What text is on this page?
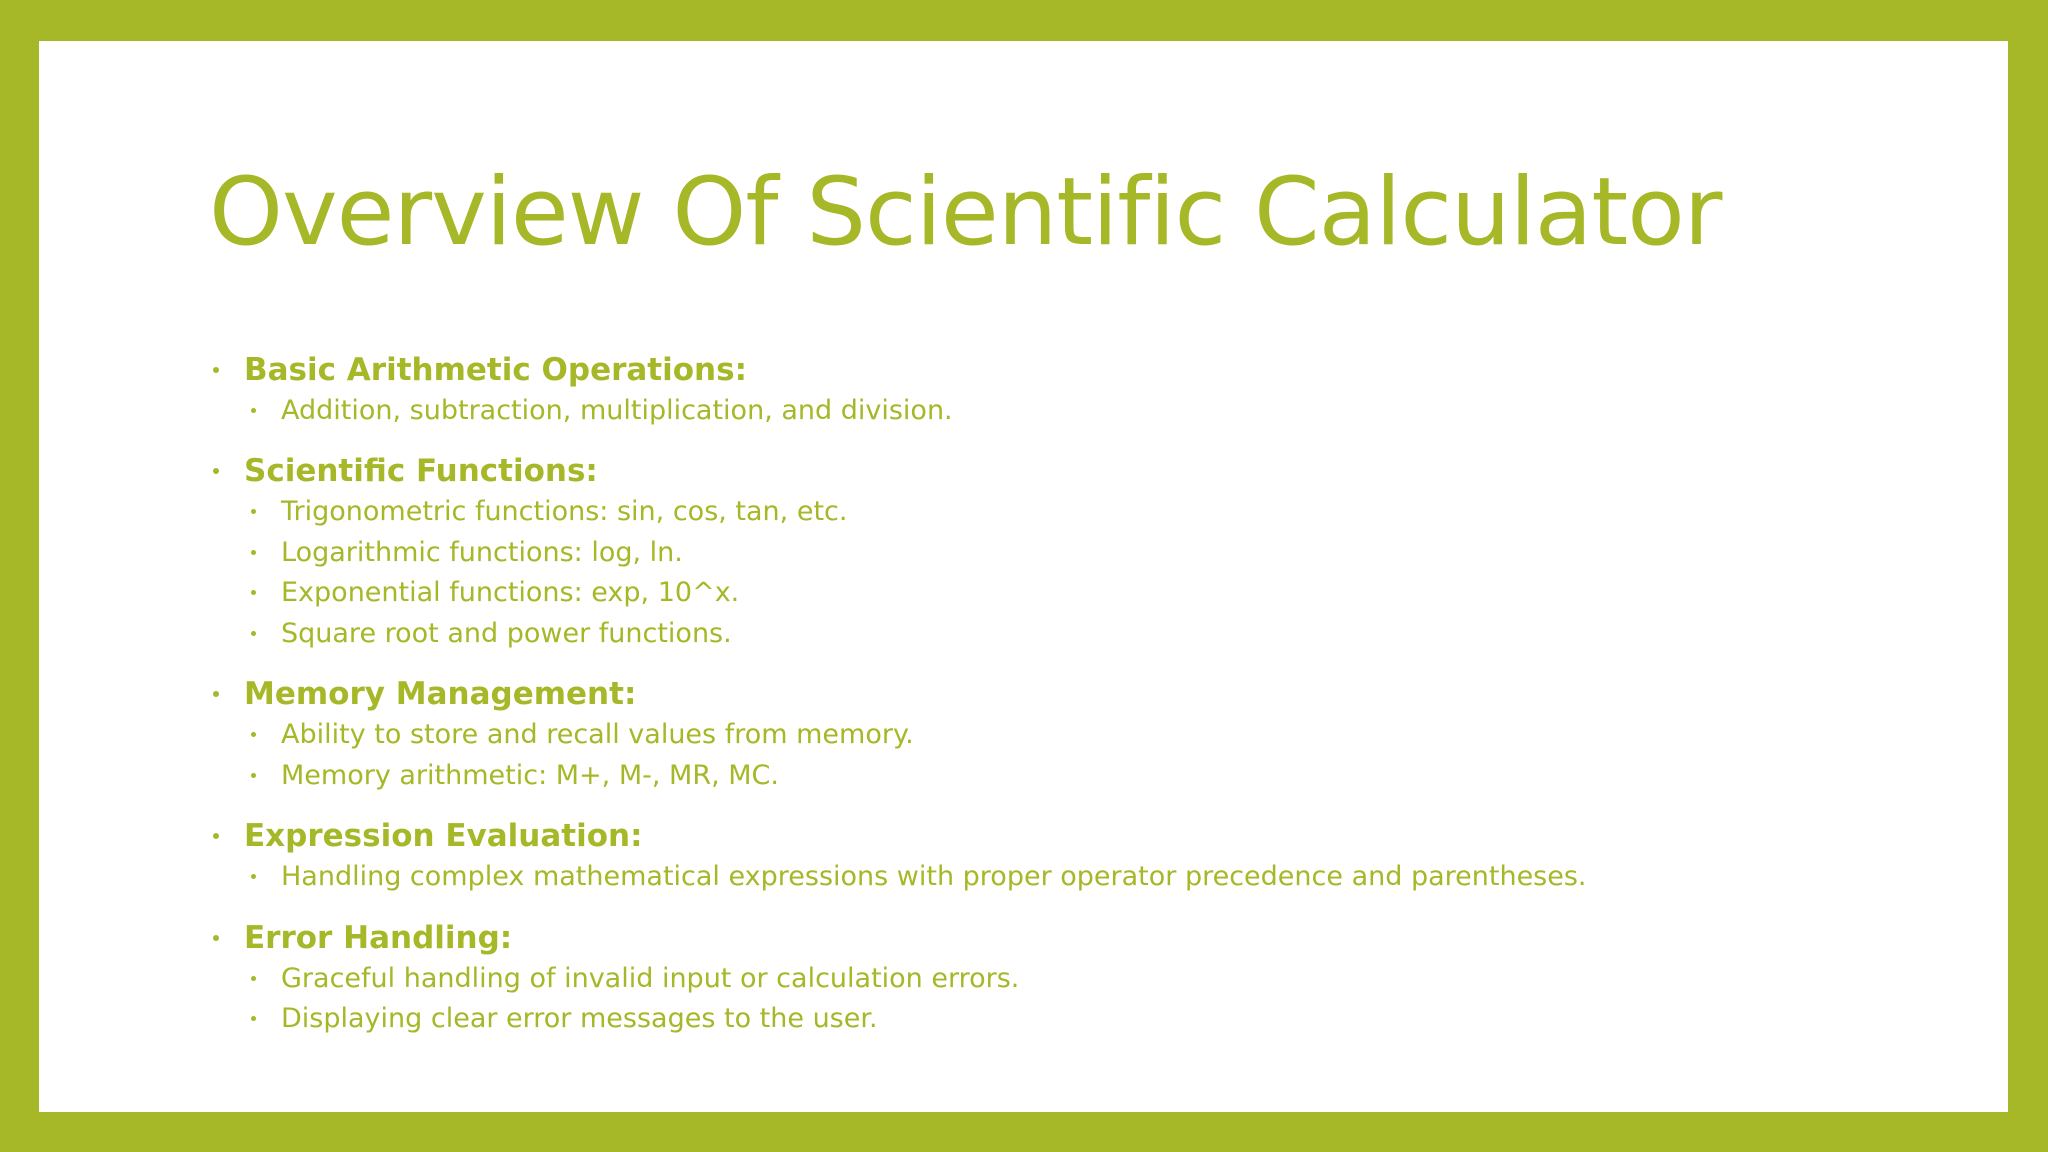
Overview Of Scientific Calculator
Basic Arithmetic Operations:
Addition, subtraction, multiplication, and division.
Scientific Functions:
Trigonometric functions: sin, cos, tan, etc.
Logarithmic functions: log, ln.
Exponential functions: exp, 10^x.
Square root and power functions.
Memory Management:
Ability to store and recall values from memory.
Memory arithmetic: M+, M-, MR, MC.
Expression Evaluation:
Handling complex mathematical expressions with proper operator precedence and parentheses.
Error Handling:
Graceful handling of invalid input or calculation errors.
Displaying clear error messages to the user.
